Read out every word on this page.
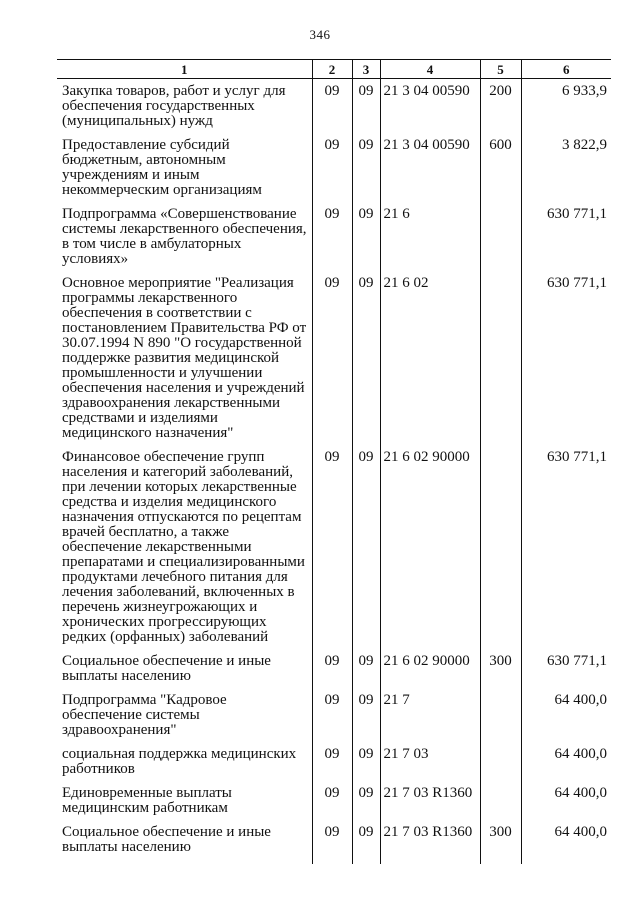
346
1	2	3	4	5	6
Закупка товаров, работ и услуг для обеспечения государственных (муниципальных) нужд	09	09	21 3 04 00590	200	6 933,9
Предоставление субсидий бюджетным, автономным учреждениям и иным некоммерческим организациям	09	09	21 3 04 00590	600	3 822,9
Подпрограмма «Совершенствование системы лекарственного обеспечения, в том числе в амбулаторных условиях»	09	09	21 6		630 771,1
Основное мероприятие "Реализация программы лекарственного обеспечения в соответствии с постановлением Правительства РФ от 30.07.1994 N 890 "О государственной поддержке развития медицинской промышленности и улучшении обеспечения населения и учреждений здравоохранения лекарственными средствами и изделиями медицинского назначения"	09	09	21 6 02		630 771,1
Финансовое обеспечение групп населения и категорий заболеваний, при лечении которых лекарственные средства и изделия медицинского назначения отпускаются по рецептам врачей бесплатно, а также обеспечение лекарственными препаратами и специализированными продуктами лечебного питания для лечения заболеваний, включенных в перечень жизнеугрожающих и хронических прогрессирующих редких (орфанных) заболеваний	09	09	21 6 02 90000		630 771,1
Социальное обеспечение и иные выплаты населению	09	09	21 6 02 90000	300	630 771,1
Подпрограмма "Кадровое обеспечение системы здравоохранения"	09	09	21 7		64 400,0
социальная поддержка медицинских работников	09	09	21 7 03		64 400,0
Единовременные выплаты медицинским работникам	09	09	21 7 03 R1360		64 400,0
Социальное обеспечение и иные выплаты населению	09	09	21 7 03 R1360	300	64 400,0
